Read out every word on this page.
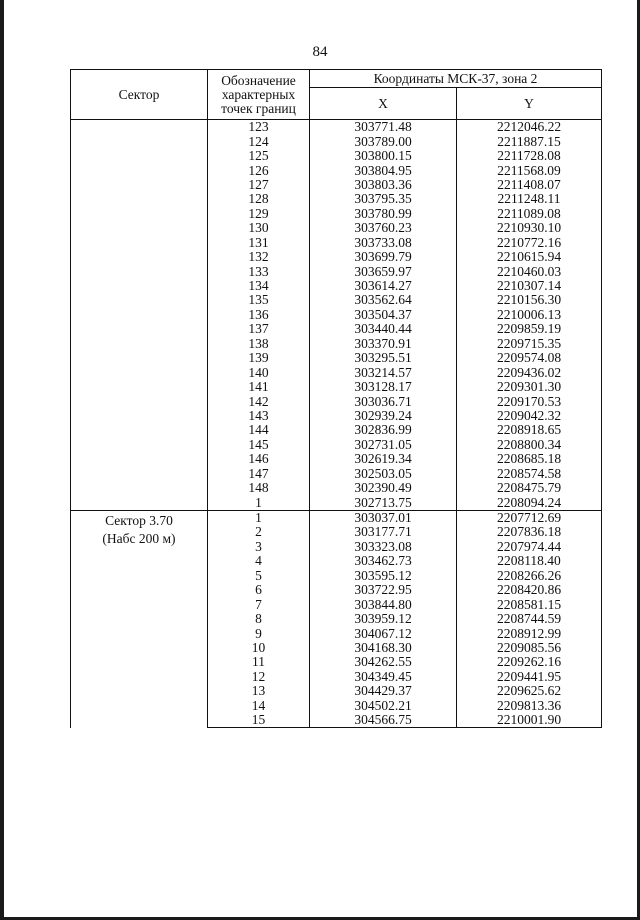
84
Сектор	Обозначение
характерных
точек границ	Координаты МСК-37, зона 2	
		X	Y
	123	303771.48	2212046.22
	124	303789.00	2211887.15
	125	303800.15	2211728.08
	126	303804.95	2211568.09
	127	303803.36	2211408.07
	128	303795.35	2211248.11
	129	303780.99	2211089.08
	130	303760.23	2210930.10
	131	303733.08	2210772.16
	132	303699.79	2210615.94
	133	303659.97	2210460.03
	134	303614.27	2210307.14
	135	303562.64	2210156.30
	136	303504.37	2210006.13
	137	303440.44	2209859.19
	138	303370.91	2209715.35
	139	303295.51	2209574.08
	140	303214.57	2209436.02
	141	303128.17	2209301.30
	142	303036.71	2209170.53
	143	302939.24	2209042.32
	144	302836.99	2208918.65
	145	302731.05	2208800.34
	146	302619.34	2208685.18
	147	302503.05	2208574.58
	148	302390.49	2208475.79
	1	302713.75	2208094.24

Сектор 3.70
(Набс 200 м)	1	303037.01	2207712.69
	2	303177.71	2207836.18
	3	303323.08	2207974.44
	4	303462.73	2208118.40
	5	303595.12	2208266.26
	6	303722.95	2208420.86
	7	303844.80	2208581.15
	8	303959.12	2208744.59
	9	304067.12	2208912.99
	10	304168.30	2209085.56
	11	304262.55	2209262.16
	12	304349.45	2209441.95
	13	304429.37	2209625.62
	14	304502.21	2209813.36
	15	304566.75	2210001.90
